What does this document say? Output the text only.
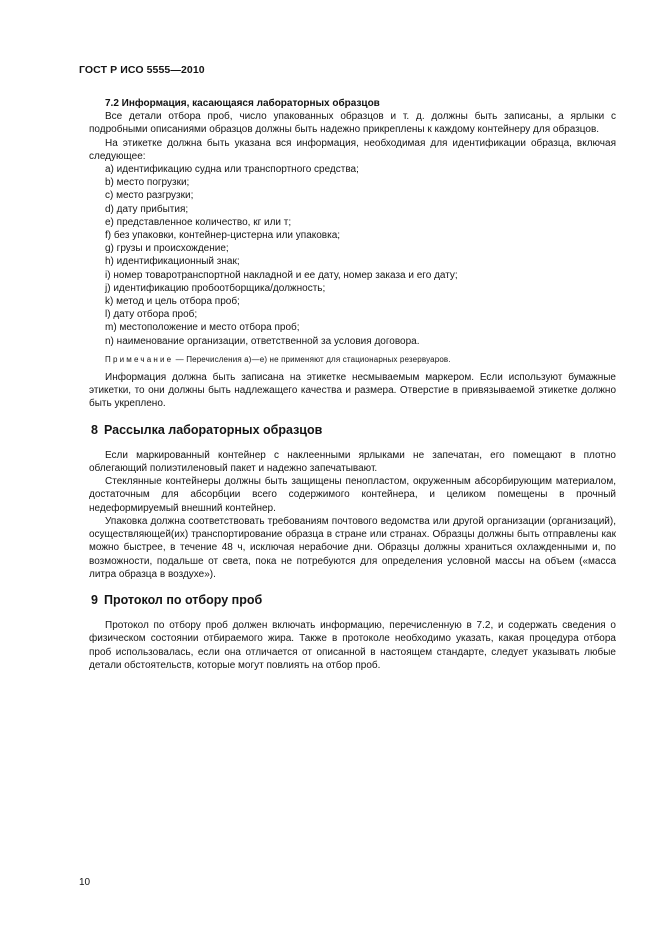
ГОСТ Р ИСО 5555—2010
7.2 Информация, касающаяся лабораторных образцов

Все детали отбора проб, число упакованных образцов и т. д. должны быть записаны, а ярлыки с подробными описаниями образцов должны быть надежно прикреплены к каждому контейнеру для образцов.

На этикетке должна быть указана вся информация, необходимая для идентификации образца, включая следующее:

a) идентификацию судна или транспортного средства;
b) место погрузки;
c) место разгрузки;
d) дату прибытия;
e) представленное количество, кг или т;
f) без упаковки, контейнер-цистерна или упаковка;
g) грузы и происхождение;
h) идентификационный знак;
i) номер товаротранспортной накладной и ее дату, номер заказа и его дату;
j) идентификацию пробоотборщика/должность;
k) метод и цель отбора проб;
l) дату отбора проб;
m) местоположение и место отбора проб;
n) наименование организации, ответственной за условия договора.
Примечание — Перечисления а)—е) не применяют для стационарных резервуаров.

Информация должна быть записана на этикетке несмываемым маркером. Если используют бумажные этикетки, то они должны быть надлежащего качества и размера. Отверстие в привязываемой этикетке должно быть укреплено.

8 Рассылка лабораторных образцов

Если маркированный контейнер с наклеенными ярлыками не запечатан, его помещают в плотно облегающий полиэтиленовый пакет и надежно запечатывают.

Стеклянные контейнеры должны быть защищены пенопластом, окруженным абсорбирующим материалом, достаточным для абсорбции всего содержимого контейнера, и целиком помещены в прочный недеформируемый внешний контейнер.

Упаковка должна соответствовать требованиям почтового ведомства или другой организации (организаций), осуществляющей(их) транспортирование образца в стране или странах. Образцы должны быть отправлены как можно быстрее, в течение 48 ч, исключая нерабочие дни. Образцы должны храниться охлажденными и, по возможности, подальше от света, пока не потребуются для определения условной массы на объем («масса литра образца в воздухе»).

9 Протокол по отбору проб

Протокол по отбору проб должен включать информацию, перечисленную в 7.2, и содержать сведения о физическом состоянии отбираемого жира. Также в протоколе необходимо указать, какая процедура отбора проб использовалась, если она отличается от описанной в настоящем стандарте, следует указывать любые детали обстоятельств, которые могут повлиять на отбор проб.

10
